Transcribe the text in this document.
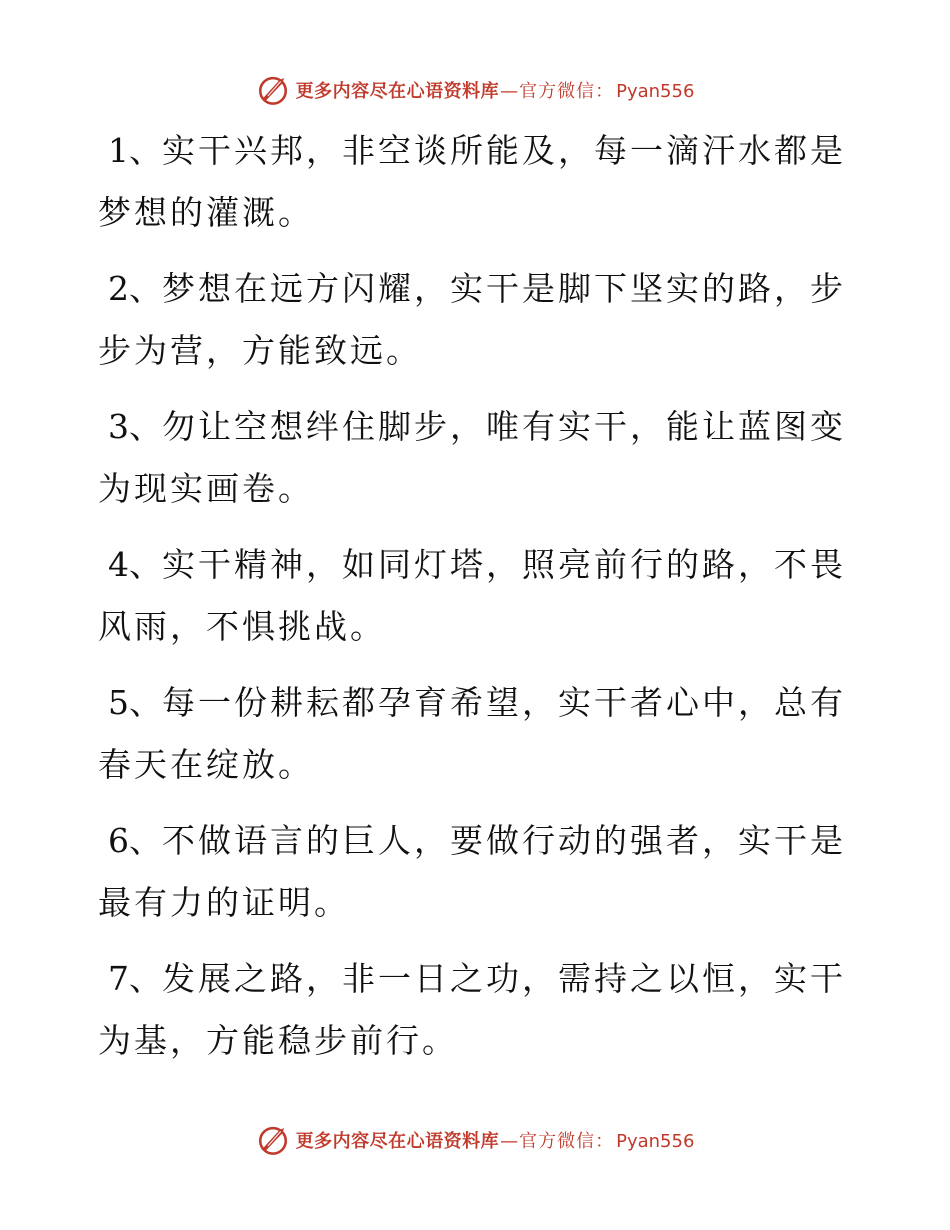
更多内容尽在心语资料库 — 官方微信： Pyan556

1、实干兴邦，非空谈所能及，每一滴汗水都是梦想的灌溉。

2、梦想在远方闪耀，实干是脚下坚实的路，步步为营，方能致远。

3、勿让空想绊住脚步，唯有实干，能让蓝图变为现实画卷。

4、实干精神，如同灯塔，照亮前行的路，不畏风雨，不惧挑战。

5、每一份耕耘都孕育希望，实干者心中，总有春天在绽放。

6、不做语言的巨人，要做行动的强者，实干是最有力的证明。

7、发展之路，非一日之功，需持之以恒，实干为基，方能稳步前行。

更多内容尽在心语资料库 — 官方微信： Pyan556
